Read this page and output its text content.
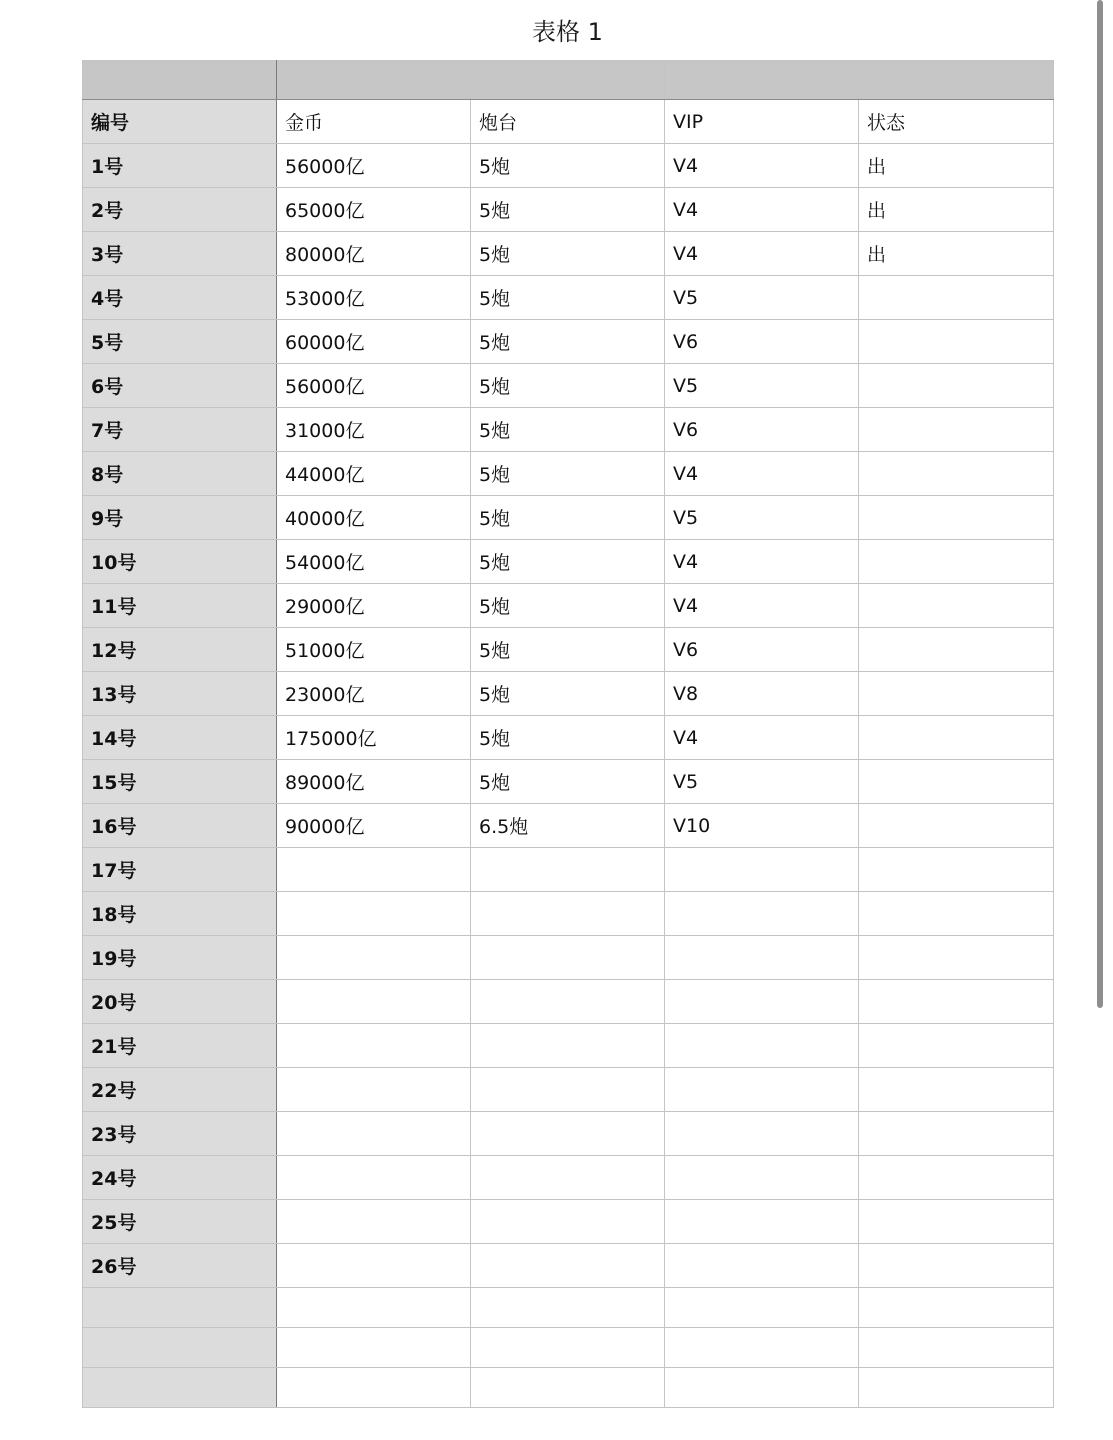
表格 1

编号	金币	炮台	VIP	状态
1号	56000亿	5炮	V4	出
2号	65000亿	5炮	V4	出
3号	80000亿	5炮	V4	出
4号	53000亿	5炮	V5	
5号	60000亿	5炮	V6	
6号	56000亿	5炮	V5	
7号	31000亿	5炮	V6	
8号	44000亿	5炮	V4	
9号	40000亿	5炮	V5	
10号	54000亿	5炮	V4	
11号	29000亿	5炮	V4	
12号	51000亿	5炮	V6	
13号	23000亿	5炮	V8	
14号	175000亿	5炮	V4	
15号	89000亿	5炮	V5	
16号	90000亿	6.5炮	V10	
17号				
18号				
19号				
20号				
21号				
22号				
23号				
24号				
25号				
26号				
